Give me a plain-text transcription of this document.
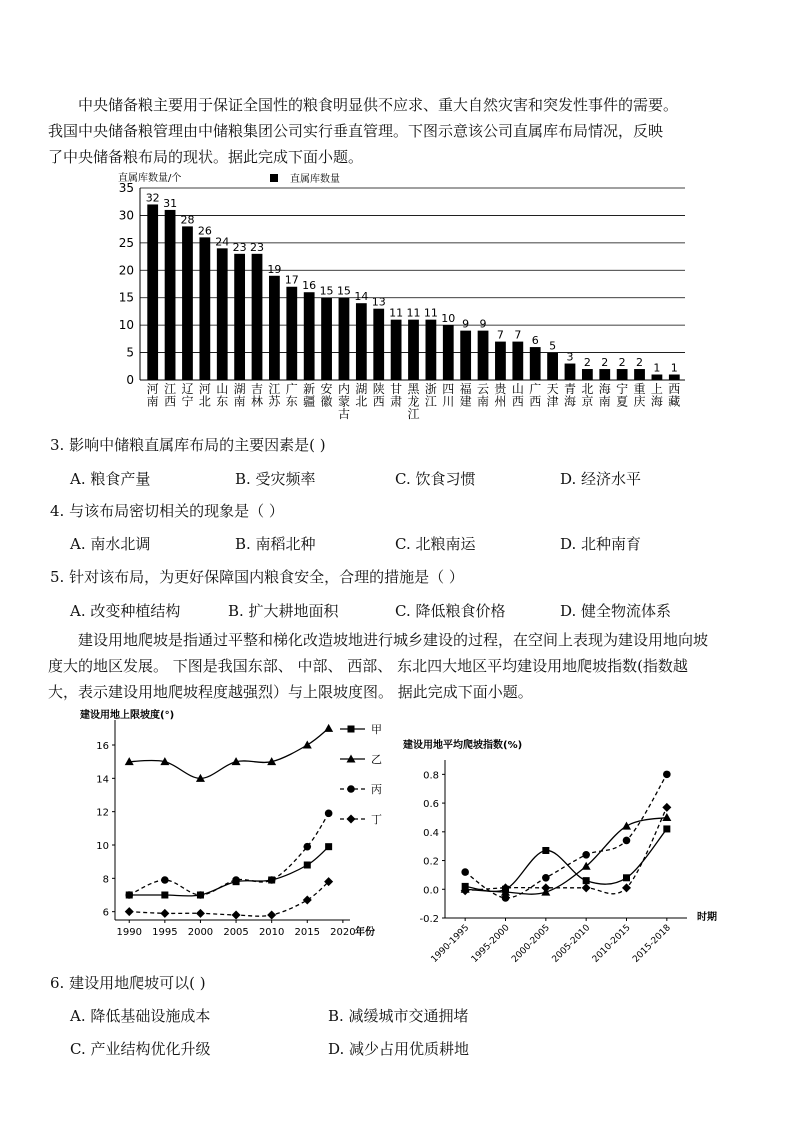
中央储备粮主要用于保证全国性的粮食明显供不应求、重大自然灾害和突发性事件的需要。
我国中央储备粮管理由中储粮集团公司实行垂直管理。下图示意该公司直属库布局情况，反映
了中央储备粮布局的现状。据此完成下面小题。
直属库数量/个	直属库数量
0
5
10
15
20
25
30
35
32
河南
31
江西
28
辽宁
26
河北
24
山东
23
湖南
23
吉林
19
江苏
17
广东
16
新疆
15
安徽
15
内蒙古
14
湖北
13
陕西
11
甘肃
11
黑龙江
11
浙江
10
四川
9
福建
9
云南
7
贵州
7
山西
6
广西
5
天津
3
青海
2
北京
2
海南
2
宁夏
2
重庆
1
上海
1
西藏
3. 影响中储粮直属库布局的主要因素是( )
A. 粮食产量	B. 受灾频率	C. 饮食习惯	D. 经济水平
4. 与该布局密切相关的现象是（ ）
A. 南水北调	B. 南稻北种	C. 北粮南运	D. 北种南育
5. 针对该布局，为更好保障国内粮食安全，合理的措施是（ ）
A. 改变种植结构	B. 扩大耕地面积	C. 降低粮食价格	D. 健全物流体系
建设用地爬坡是指通过平整和梯化改造坡地进行城乡建设的过程，在空间上表现为建设用地向坡
度大的地区发展。 下图是我国东部、 中部、 西部、 东北四大地区平均建设用地爬坡指数(指数越
大，表示建设用地爬坡程度越强烈）与上限坡度图。 据此完成下面小题。
建设用地上限坡度(°)
6
8
10
12
14
16
1990 1995 2000 2005 2010 2015 2020 年份
甲
乙
丙
丁
建设用地平均爬坡指数(%)
-0.2
0.0
0.2
0.4
0.6
0.8
1990-1995
1995-2000
2000-2005
2005-2010
2010-2015
2015-2018
时期
6. 建设用地爬坡可以( )
A. 降低基础设施成本	B. 减缓城市交通拥堵
C. 产业结构优化升级	D. 减少占用优质耕地
